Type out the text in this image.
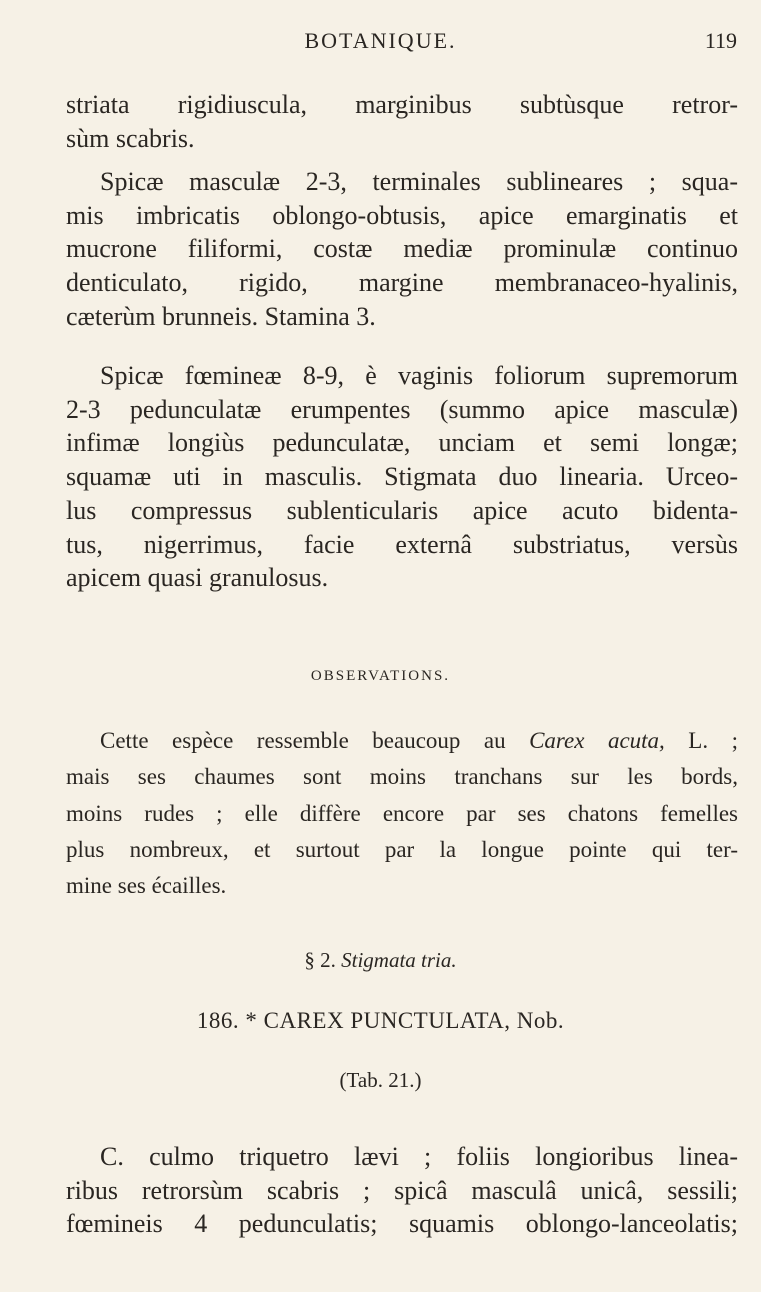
BOTANIQUE.	119

striata rigidiuscula, marginibus subtùsque retror-
sùm scabris.

Spicæ masculæ 2-3, terminales sublineares ; squa-
mis imbricatis oblongo-obtusis, apice emarginatis et
mucrone filiformi, costæ mediæ prominulæ continuo
denticulato, rigido, margine membranaceo-hyalinis,
cæterùm brunneis. Stamina 3.

Spicæ fœmineæ 8-9, è vaginis foliorum supremorum
2-3 pedunculatæ erumpentes (summo apice masculæ)
infimæ longiùs pedunculatæ, unciam et semi longæ;
squamæ uti in masculis. Stigmata duo linearia. Urceo-
lus compressus sublenticularis apice acuto bidenta-
tus, nigerrimus, facie externâ substriatus, versùs
apicem quasi granulosus.

OBSERVATIONS.

Cette espèce ressemble beaucoup au Carex acuta, L. ;
mais ses chaumes sont moins tranchans sur les bords,
moins rudes ; elle diffère encore par ses chatons femelles
plus nombreux, et surtout par la longue pointe qui ter-
mine ses écailles.

§ 2. Stigmata tria.

186. * CAREX PUNCTULATA, Nob.

(Tab. 21.)

C. culmo triquetro lævi ; foliis longioribus linea-
ribus retrorsùm scabris ; spicâ masculâ unicâ, sessili;
fœmineis 4 pedunculatis; squamis oblongo-lanceolatis;
